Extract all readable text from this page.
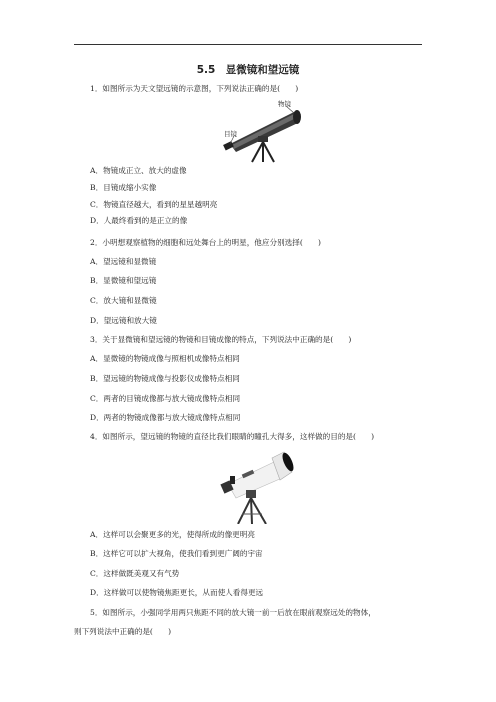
5.5　显微镜和望远镜
1．如图所示为天文望远镜的示意图，下列说法正确的是(　　)
物镜
目镜
A．物镜成正立、放大的虚像
B．目镜成缩小实像
C．物镜直径越大，看到的星星越明亮
D．人最终看到的是正立的像
2．小明想观察植物的细胞和远处舞台上的明星，他应分别选择(　　)
A．望远镜和显微镜
B．显微镜和望远镜
C．放大镜和显微镜
D．望远镜和放大镜
3．关于显微镜和望远镜的物镜和目镜成像的特点，下列说法中正确的是(　　)
A．显微镜的物镜成像与照相机成像特点相同
B．望远镜的物镜成像与投影仪成像特点相同
C．两者的目镜成像都与放大镜成像特点相同
D．两者的物镜成像都与放大镜成像特点相同
4．如图所示，望远镜的物镜的直径比我们眼睛的瞳孔大得多，这样做的目的是(　　)
A．这样可以会聚更多的光，使得所成的像更明亮
B．这样它可以扩大视角，使我们看到更广阔的宇宙
C．这样做既美观又有气势
D．这样做可以使物镜焦距更长，从而使人看得更远
5．如图所示，小强同学用两只焦距不同的放大镜一前一后放在眼前观察远处的物体，
则下列说法中正确的是(　　)
